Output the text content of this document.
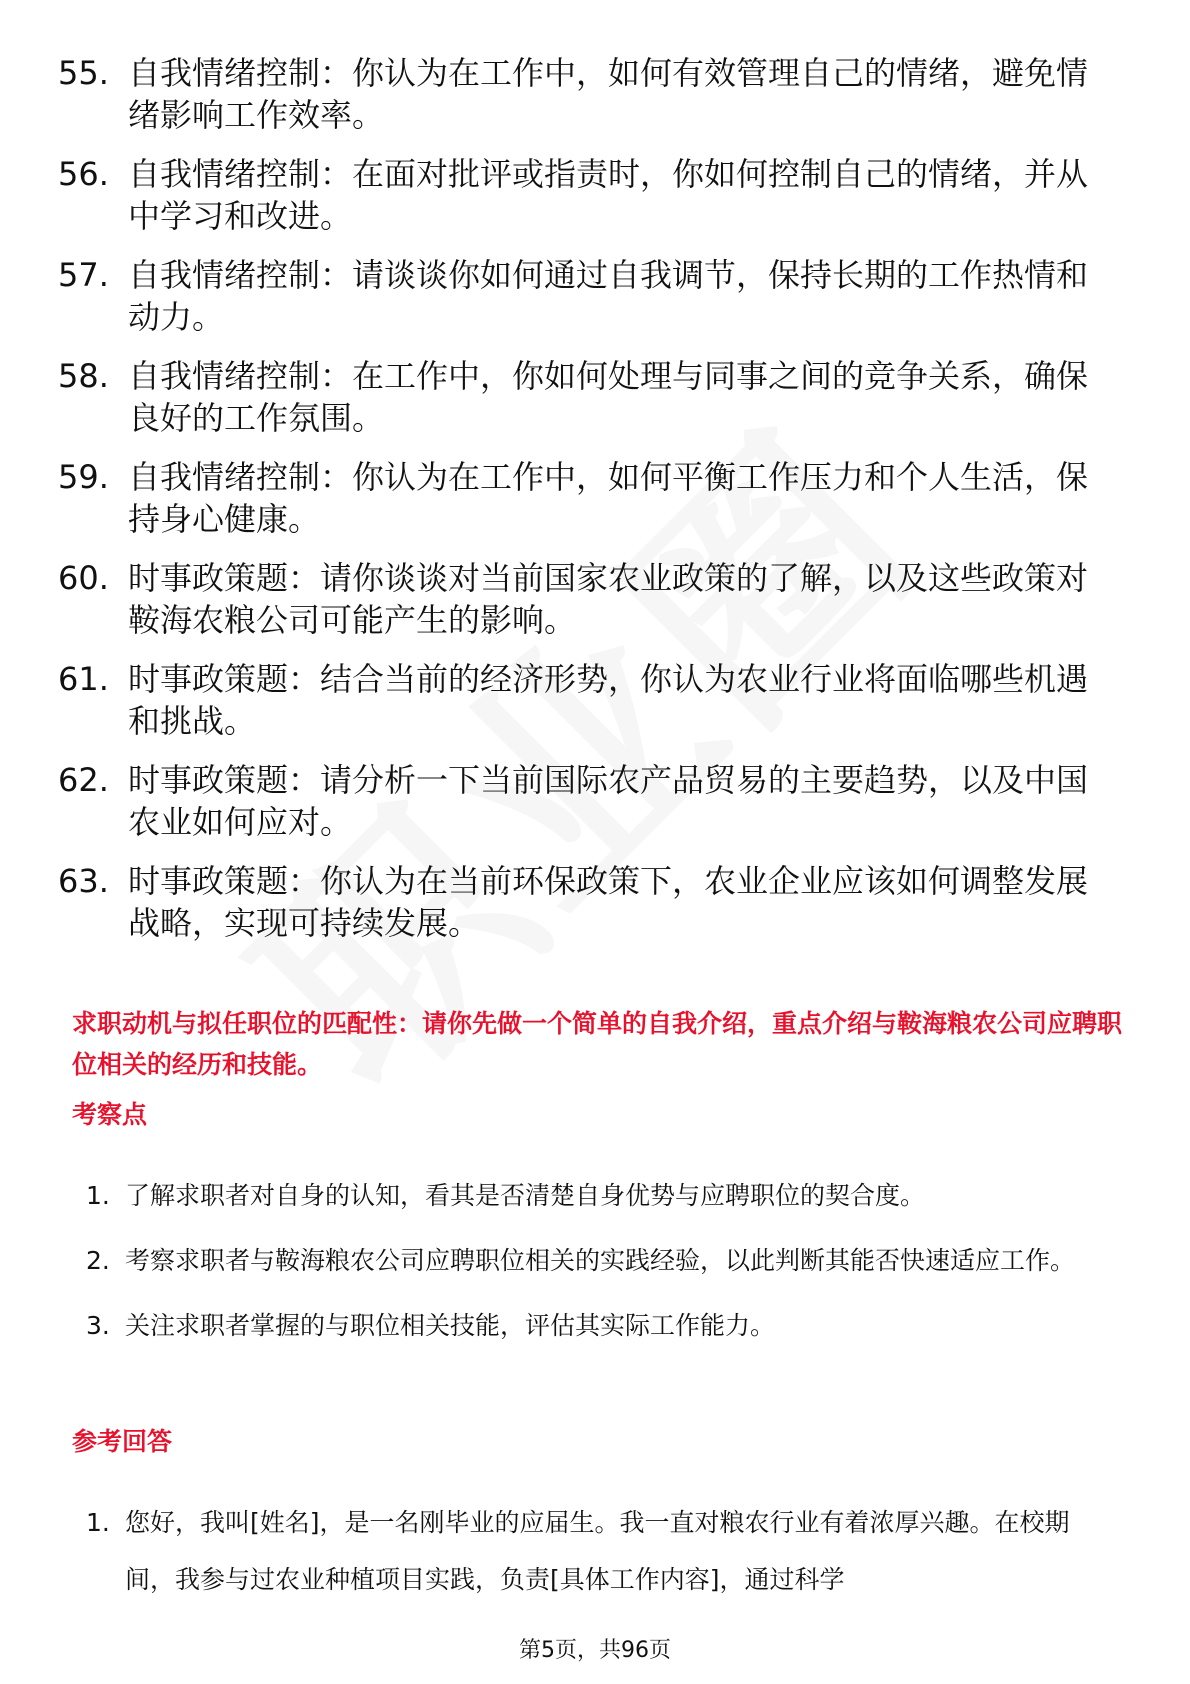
55. 自我情绪控制：你认为在工作中，如何有效管理自己的情绪，避免情绪影响工作效率。
56. 自我情绪控制：在面对批评或指责时，你如何控制自己的情绪，并从中学习和改进。
57. 自我情绪控制：请谈谈你如何通过自我调节，保持长期的工作热情和动力。
58. 自我情绪控制：在工作中，你如何处理与同事之间的竞争关系，确保良好的工作氛围。
59. 自我情绪控制：你认为在工作中，如何平衡工作压力和个人生活，保持身心健康。
60. 时事政策题：请你谈谈对当前国家农业政策的了解，以及这些政策对鞍海农粮公司可能产生的影响。
61. 时事政策题：结合当前的经济形势，你认为农业行业将面临哪些机遇和挑战。
62. 时事政策题：请分析一下当前国际农产品贸易的主要趋势，以及中国农业如何应对。
63. 时事政策题：你认为在当前环保政策下，农业企业应该如何调整发展战略，实现可持续发展。
求职动机与拟任职位的匹配性：请你先做一个简单的自我介绍，重点介绍与鞍海粮农公司应聘职位相关的经历和技能。
考察点
1. 了解求职者对自身的认知，看其是否清楚自身优势与应聘职位的契合度。
2. 考察求职者与鞍海粮农公司应聘职位相关的实践经验，以此判断其能否快速适应工作。
3. 关注求职者掌握的与职位相关技能，评估其实际工作能力。
参考回答
1. 您好，我叫[姓名]，是一名刚毕业的应届生。我一直对粮农行业有着浓厚兴趣。在校期间，我参与过农业种植项目实践，负责[具体工作内容]，通过科学
第5页，共96页
